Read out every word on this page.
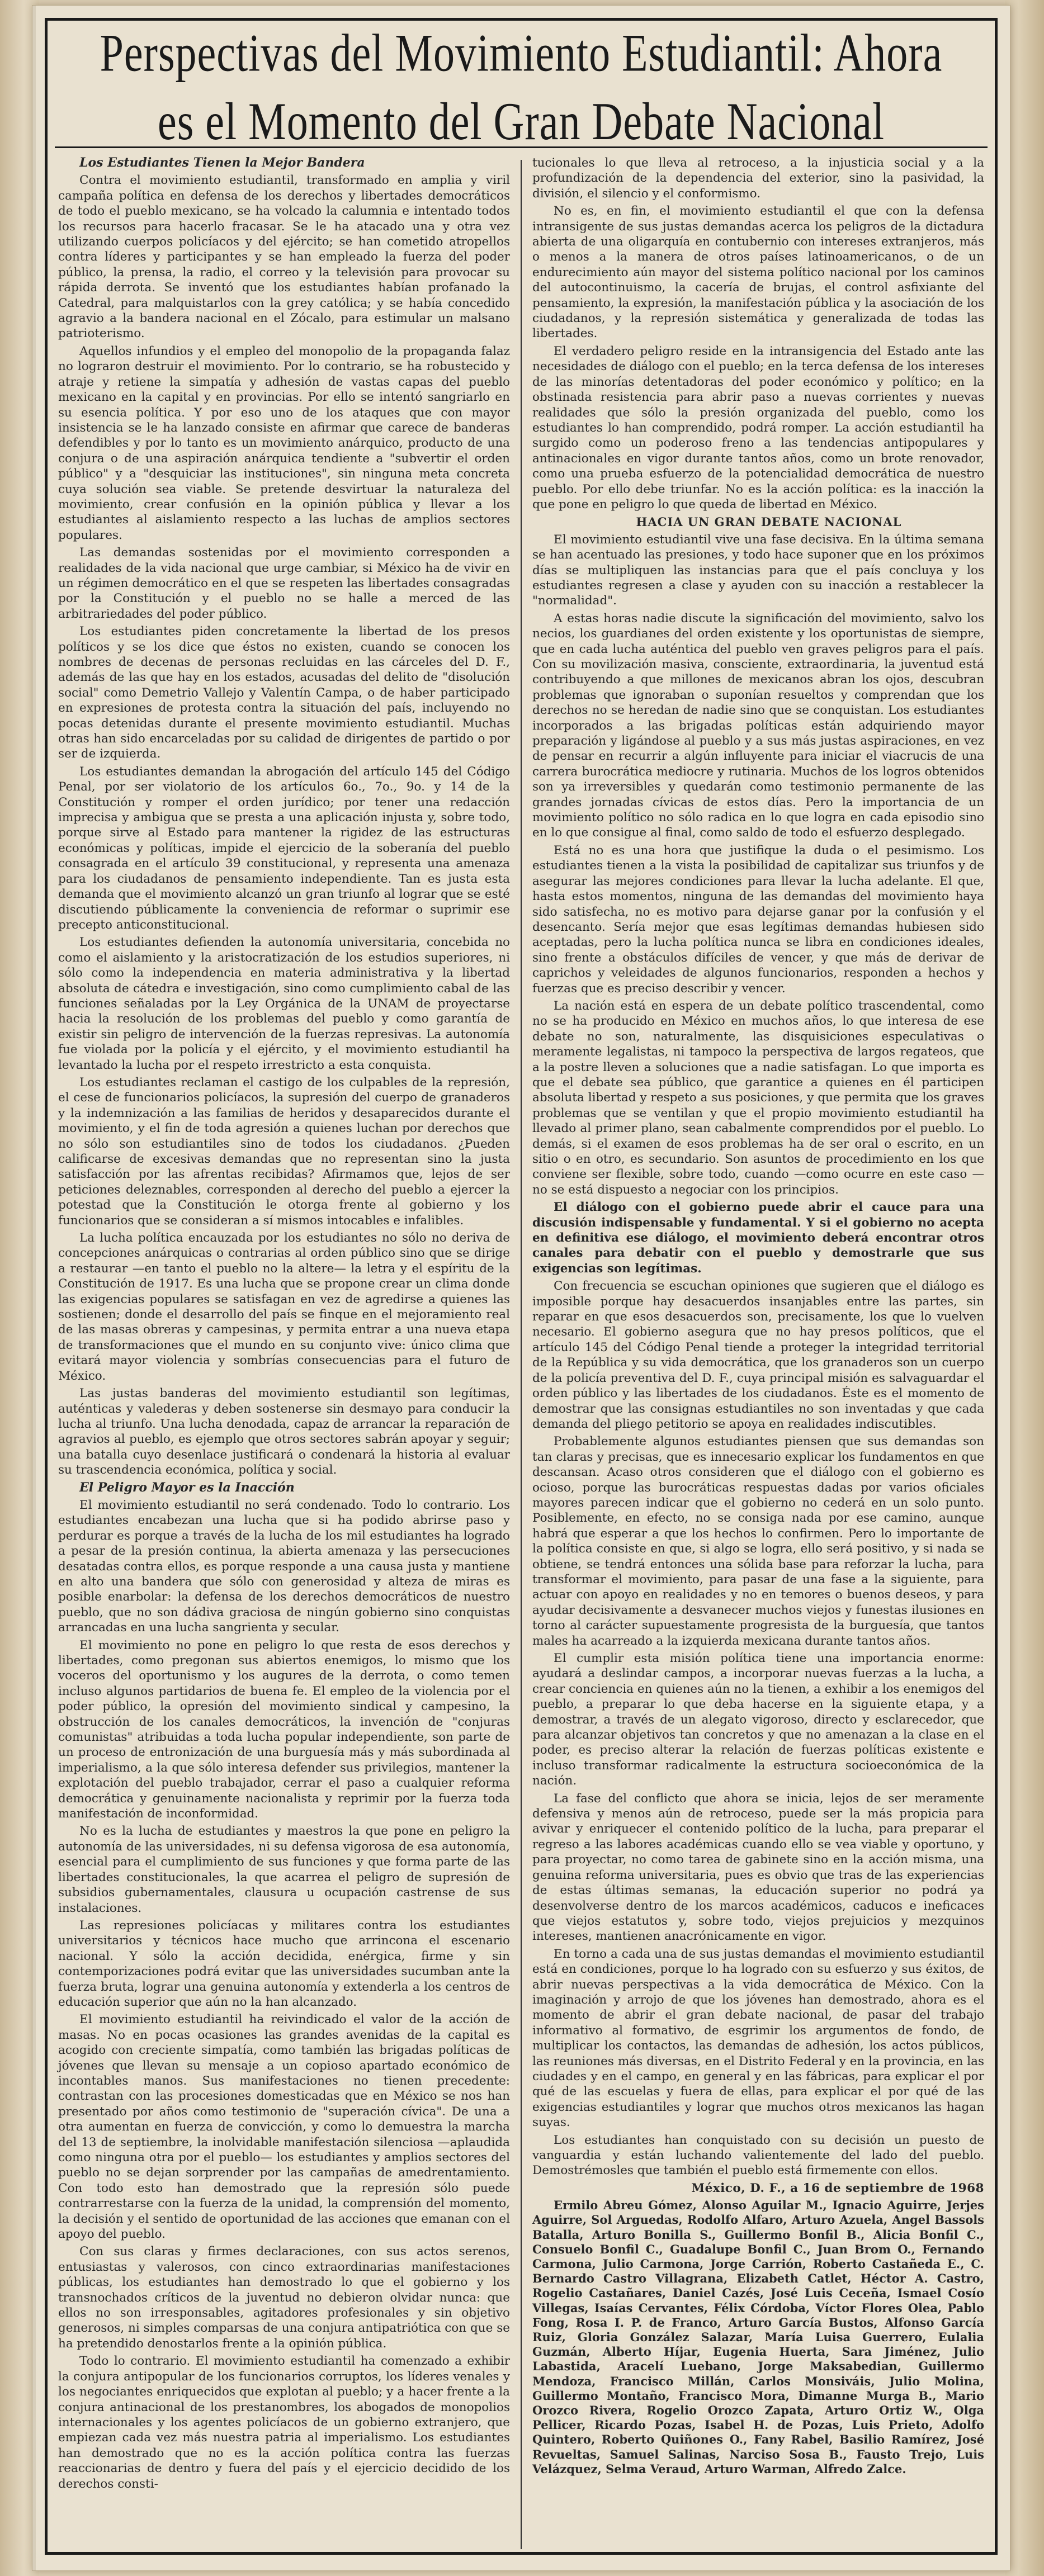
Perspectivas del Movimiento Estudiantil: Ahora
es el Momento del Gran Debate Nacional

Los Estudiantes Tienen la Mejor Bandera

Contra el movimiento estudiantil, transformado en amplia y viril campaña política en defensa de los derechos y libertades democráticos de todo el pueblo mexicano, se ha volcado la calumnia e intentado todos los recursos para hacerlo fracasar. Se le ha atacado una y otra vez utilizando cuerpos policíacos y del ejército; se han cometido atropellos contra líderes y participantes y se han empleado la fuerza del poder público, la prensa, la radio, el correo y la televisión para provocar su rápida derrota. Se inventó que los estudiantes habían profanado la Catedral, para malquistarlos con la grey católica; y se había concedido agravio a la bandera nacional en el Zócalo, para estimular un malsano patrioterismo.

Aquellos infundios y el empleo del monopolio de la propaganda falaz no lograron destruir el movimiento. Por lo contrario, se ha robustecido y atraje y retiene la simpatía y adhesión de vastas capas del pueblo mexicano en la capital y en provincias. Por ello se intentó sangriarlo en su esencia política. Y por eso uno de los ataques que con mayor insistencia se le ha lanzado consiste en afirmar que carece de banderas defendibles y por lo tanto es un movimiento anárquico, producto de una conjura o de una aspiración anárquica tendiente a "subvertir el orden público" y a "desquiciar las instituciones", sin ninguna meta concreta cuya solución sea viable. Se pretende desvirtuar la naturaleza del movimiento, crear confusión en la opinión pública y llevar a los estudiantes al aislamiento respecto a las luchas de amplios sectores populares.

Las demandas sostenidas por el movimiento corresponden a realidades de la vida nacional que urge cambiar, si México ha de vivir en un régimen democrático en el que se respeten las libertades consagradas por la Constitución y el pueblo no se halle a merced de las arbitrariedades del poder público.

Los estudiantes piden concretamente la libertad de los presos políticos y se los dice que éstos no existen, cuando se conocen los nombres de decenas de personas recluidas en las cárceles del D. F., además de las que hay en los estados, acusadas del delito de "disolución social" como Demetrio Vallejo y Valentín Campa, o de haber participado en expresiones de protesta contra la situación del país, incluyendo no pocas detenidas durante el presente movimiento estudiantil. Muchas otras han sido encarceladas por su calidad de dirigentes de partido o por ser de izquierda.

Los estudiantes demandan la abrogación del artículo 145 del Código Penal, por ser violatorio de los artículos 6o., 7o., 9o. y 14 de la Constitución y romper el orden jurídico; por tener una redacción imprecisa y ambigua que se presta a una aplicación injusta y, sobre todo, porque sirve al Estado para mantener la rigidez de las estructuras económicas y políticas, impide el ejercicio de la soberanía del pueblo consagrada en el artículo 39 constitucional, y representa una amenaza para los ciudadanos de pensamiento independiente. Tan es justa esta demanda que el movimiento alcanzó un gran triunfo al lograr que se esté discutiendo públicamente la conveniencia de reformar o suprimir ese precepto anticonstitucional.

Los estudiantes defienden la autonomía universitaria, concebida no como el aislamiento y la aristocratización de los estudios superiores, ni sólo como la independencia en materia administrativa y la libertad absoluta de cátedra e investigación, sino como cumplimiento cabal de las funciones señaladas por la Ley Orgánica de la UNAM de proyectarse hacia la resolución de los problemas del pueblo y como garantía de existir sin peligro de intervención de la fuerzas represivas. La autonomía fue violada por la policía y el ejército, y el movimiento estudiantil ha levantado la lucha por el respeto irrestricto a esta conquista.

Los estudiantes reclaman el castigo de los culpables de la represión, el cese de funcionarios policíacos, la supresión del cuerpo de granaderos y la indemnización a las familias de heridos y desaparecidos durante el movimiento, y el fin de toda agresión a quienes luchan por derechos que no sólo son estudiantiles sino de todos los ciudadanos. ¿Pueden calificarse de excesivas demandas que no representan sino la justa satisfacción por las afrentas recibidas? Afirmamos que, lejos de ser peticiones deleznables, corresponden al derecho del pueblo a ejercer la potestad que la Constitución le otorga frente al gobierno y los funcionarios que se consideran a sí mismos intocables e infalibles.

La lucha política encauzada por los estudiantes no sólo no deriva de concepciones anárquicas o contrarias al orden público sino que se dirige a restaurar —en tanto el pueblo no la altere— la letra y el espíritu de la Constitución de 1917. Es una lucha que se propone crear un clima donde las exigencias populares se satisfagan en vez de agredirse a quienes las sostienen; donde el desarrollo del país se finque en el mejoramiento real de las masas obreras y campesinas, y permita entrar a una nueva etapa de transformaciones que el mundo en su conjunto vive: único clima que evitará mayor violencia y sombrías consecuencias para el futuro de México.

Las justas banderas del movimiento estudiantil son legítimas, auténticas y valederas y deben sostenerse sin desmayo para conducir la lucha al triunfo. Una lucha denodada, capaz de arrancar la reparación de agravios al pueblo, es ejemplo que otros sectores sabrán apoyar y seguir; una batalla cuyo desenlace justificará o condenará la historia al evaluar su trascendencia económica, política y social.

El Peligro Mayor es la Inacción

El movimiento estudiantil no será condenado. Todo lo contrario. Los estudiantes encabezan una lucha que si ha podido abrirse paso y perdurar es porque a través de la lucha de los mil estudiantes ha logrado a pesar de la presión continua, la abierta amenaza y las persecuciones desatadas contra ellos, es porque responde a una causa justa y mantiene en alto una bandera que sólo con generosidad y alteza de miras es posible enarbolar: la defensa de los derechos democráticos de nuestro pueblo, que no son dádiva graciosa de ningún gobierno sino conquistas arrancadas en una lucha sangrienta y secular.

El movimiento no pone en peligro lo que resta de esos derechos y libertades, como pregonan sus abiertos enemigos, lo mismo que los voceros del oportunismo y los augures de la derrota, o como temen incluso algunos partidarios de buena fe. El empleo de la violencia por el poder público, la opresión del movimiento sindical y campesino, la obstrucción de los canales democráticos, la invención de "conjuras comunistas" atribuidas a toda lucha popular independiente, son parte de un proceso de entronización de una burguesía más y más subordinada al imperialismo, a la que sólo interesa defender sus privilegios, mantener la explotación del pueblo trabajador, cerrar el paso a cualquier reforma democrática y genuinamente nacionalista y reprimir por la fuerza toda manifestación de inconformidad.

No es la lucha de estudiantes y maestros la que pone en peligro la autonomía de las universidades, ni su defensa vigorosa de esa autonomía, esencial para el cumplimiento de sus funciones y que forma parte de las libertades constitucionales, la que acarrea el peligro de supresión de subsidios gubernamentales, clausura u ocupación castrense de sus instalaciones.

Las represiones policíacas y militares contra los estudiantes universitarios y técnicos hace mucho que arrincona el escenario nacional. Y sólo la acción decidida, enérgica, firme y sin contemporizaciones podrá evitar que las universidades sucumban ante la fuerza bruta, lograr una genuina autonomía y extenderla a los centros de educación superior que aún no la han alcanzado.

El movimiento estudiantil ha reivindicado el valor de la acción de masas. No en pocas ocasiones las grandes avenidas de la capital es acogido con creciente simpatía, como también las brigadas políticas de jóvenes que llevan su mensaje a un copioso apartado económico de incontables manos. Sus manifestaciones no tienen precedente: contrastan con las procesiones domesticadas que en México se nos han presentado por años como testimonio de "superación cívica". De una a otra aumentan en fuerza de convicción, y como lo demuestra la marcha del 13 de septiembre, la inolvidable manifestación silenciosa —aplaudida como ninguna otra por el pueblo— los estudiantes y amplios sectores del pueblo no se dejan sorprender por las campañas de amedrentamiento. Con todo esto han demostrado que la represión sólo puede contrarrestarse con la fuerza de la unidad, la comprensión del momento, la decisión y el sentido de oportunidad de las acciones que emanan con el apoyo del pueblo.

Con sus claras y firmes declaraciones, con sus actos serenos, entusiastas y valerosos, con cinco extraordinarias manifestaciones públicas, los estudiantes han demostrado lo que el gobierno y los transnochados críticos de la juventud no debieron olvidar nunca: que ellos no son irresponsables, agitadores profesionales y sin objetivo generosos, ni simples comparsas de una conjura antipatriótica con que se ha pretendido denostarlos frente a la opinión pública.

Todo lo contrario. El movimiento estudiantil ha comenzado a exhibir la conjura antipopular de los funcionarios corruptos, los líderes venales y los negociantes enriquecidos que explotan al pueblo; y a hacer frente a la conjura antinacional de los prestanombres, los abogados de monopolios internacionales y los agentes policíacos de un gobierno extranjero, que empiezan cada vez más nuestra patria al imperialismo. Los estudiantes han demostrado que no es la acción política contra las fuerzas reaccionarias de dentro y fuera del país y el ejercicio decidido de los derechos consti-

tucionales lo que lleva al retroceso, a la injusticia social y a la profundización de la dependencia del exterior, sino la pasividad, la división, el silencio y el conformismo.

No es, en fin, el movimiento estudiantil el que con la defensa intransigente de sus justas demandas acerca los peligros de la dictadura abierta de una oligarquía en contubernio con intereses extranjeros, más o menos a la manera de otros países latinoamericanos, o de un endurecimiento aún mayor del sistema político nacional por los caminos del autocontinuismo, la cacería de brujas, el control asfixiante del pensamiento, la expresión, la manifestación pública y la asociación de los ciudadanos, y la represión sistemática y generalizada de todas las libertades.

El verdadero peligro reside en la intransigencia del Estado ante las necesidades de diálogo con el pueblo; en la terca defensa de los intereses de las minorías detentadoras del poder económico y político; en la obstinada resistencia para abrir paso a nuevas corrientes y nuevas realidades que sólo la presión organizada del pueblo, como los estudiantes lo han comprendido, podrá romper. La acción estudiantil ha surgido como un poderoso freno a las tendencias antipopulares y antinacionales en vigor durante tantos años, como un brote renovador, como una prueba esfuerzo de la potencialidad democrática de nuestro pueblo. Por ello debe triunfar. No es la acción política: es la inacción la que pone en peligro lo que queda de libertad en México.

HACIA UN GRAN DEBATE NACIONAL

El movimiento estudiantil vive una fase decisiva. En la última semana se han acentuado las presiones, y todo hace suponer que en los próximos días se multipliquen las instancias para que el país concluya y los estudiantes regresen a clase y ayuden con su inacción a restablecer la "normalidad".

A estas horas nadie discute la significación del movimiento, salvo los necios, los guardianes del orden existente y los oportunistas de siempre, que en cada lucha auténtica del pueblo ven graves peligros para el país. Con su movilización masiva, consciente, extraordinaria, la juventud está contribuyendo a que millones de mexicanos abran los ojos, descubran problemas que ignoraban o suponían resueltos y comprendan que los derechos no se heredan de nadie sino que se conquistan. Los estudiantes incorporados a las brigadas políticas están adquiriendo mayor preparación y ligándose al pueblo y a sus más justas aspiraciones, en vez de pensar en recurrir a algún influyente para iniciar el viacrucis de una carrera burocrática mediocre y rutinaria. Muchos de los logros obtenidos son ya irreversibles y quedarán como testimonio permanente de las grandes jornadas cívicas de estos días. Pero la importancia de un movimiento político no sólo radica en lo que logra en cada episodio sino en lo que consigue al final, como saldo de todo el esfuerzo desplegado.

Está no es una hora que justifique la duda o el pesimismo. Los estudiantes tienen a la vista la posibilidad de capitalizar sus triunfos y de asegurar las mejores condiciones para llevar la lucha adelante. El que, hasta estos momentos, ninguna de las demandas del movimiento haya sido satisfecha, no es motivo para dejarse ganar por la confusión y el desencanto. Sería mejor que esas legítimas demandas hubiesen sido aceptadas, pero la lucha política nunca se libra en condiciones ideales, sino frente a obstáculos difíciles de vencer, y que más de derivar de caprichos y veleidades de algunos funcionarios, responden a hechos y fuerzas que es preciso describir y vencer.

La nación está en espera de un debate político trascendental, como no se ha producido en México en muchos años, lo que interesa de ese debate no son, naturalmente, las disquisiciones especulativas o meramente legalistas, ni tampoco la perspectiva de largos regateos, que a la postre lleven a soluciones que a nadie satisfagan. Lo que importa es que el debate sea público, que garantice a quienes en él participen absoluta libertad y respeto a sus posiciones, y que permita que los graves problemas que se ventilan y que el propio movimiento estudiantil ha llevado al primer plano, sean cabalmente comprendidos por el pueblo. Lo demás, si el examen de esos problemas ha de ser oral o escrito, en un sitio o en otro, es secundario. Son asuntos de procedimiento en los que conviene ser flexible, sobre todo, cuando —como ocurre en este caso —no se está dispuesto a negociar con los principios.

El diálogo con el gobierno puede abrir el cauce para una discusión indispensable y fundamental. Y si el gobierno no acepta en definitiva ese diálogo, el movimiento deberá encontrar otros canales para debatir con el pueblo y demostrarle que sus exigencias son legítimas.

Con frecuencia se escuchan opiniones que sugieren que el diálogo es imposible porque hay desacuerdos insanjables entre las partes, sin reparar en que esos desacuerdos son, precisamente, los que lo vuelven necesario. El gobierno asegura que no hay presos políticos, que el artículo 145 del Código Penal tiende a proteger la integridad territorial de la República y su vida democrática, que los granaderos son un cuerpo de la policía preventiva del D. F., cuya principal misión es salvaguardar el orden público y las libertades de los ciudadanos. Éste es el momento de demostrar que las consignas estudiantiles no son inventadas y que cada demanda del pliego petitorio se apoya en realidades indiscutibles.

Probablemente algunos estudiantes piensen que sus demandas son tan claras y precisas, que es innecesario explicar los fundamentos en que descansan. Acaso otros consideren que el diálogo con el gobierno es ocioso, porque las burocráticas respuestas dadas por varios oficiales mayores parecen indicar que el gobierno no cederá en un solo punto. Posiblemente, en efecto, no se consiga nada por ese camino, aunque habrá que esperar a que los hechos lo confirmen. Pero lo importante de la política consiste en que, si algo se logra, ello será positivo, y si nada se obtiene, se tendrá entonces una sólida base para reforzar la lucha, para transformar el movimiento, para pasar de una fase a la siguiente, para actuar con apoyo en realidades y no en temores o buenos deseos, y para ayudar decisivamente a desvanecer muchos viejos y funestas ilusiones en torno al carácter supuestamente progresista de la burguesía, que tantos males ha acarreado a la izquierda mexicana durante tantos años.

El cumplir esta misión política tiene una importancia enorme: ayudará a deslindar campos, a incorporar nuevas fuerzas a la lucha, a crear conciencia en quienes aún no la tienen, a exhibir a los enemigos del pueblo, a preparar lo que deba hacerse en la siguiente etapa, y a demostrar, a través de un alegato vigoroso, directo y esclarecedor, que para alcanzar objetivos tan concretos y que no amenazan a la clase en el poder, es preciso alterar la relación de fuerzas políticas existente e incluso transformar radicalmente la estructura socioeconómica de la nación.

La fase del conflicto que ahora se inicia, lejos de ser meramente defensiva y menos aún de retroceso, puede ser la más propicia para avivar y enriquecer el contenido político de la lucha, para preparar el regreso a las labores académicas cuando ello se vea viable y oportuno, y para proyectar, no como tarea de gabinete sino en la acción misma, una genuina reforma universitaria, pues es obvio que tras de las experiencias de estas últimas semanas, la educación superior no podrá ya desenvolverse dentro de los marcos académicos, caducos e ineficaces que viejos estatutos y, sobre todo, viejos prejuicios y mezquinos intereses, mantienen anacrónicamente en vigor.

En torno a cada una de sus justas demandas el movimiento estudiantil está en condiciones, porque lo ha logrado con su esfuerzo y sus éxitos, de abrir nuevas perspectivas a la vida democrática de México. Con la imaginación y arrojo de que los jóvenes han demostrado, ahora es el momento de abrir el gran debate nacional, de pasar del trabajo informativo al formativo, de esgrimir los argumentos de fondo, de multiplicar los contactos, las demandas de adhesión, los actos públicos, las reuniones más diversas, en el Distrito Federal y en la provincia, en las ciudades y en el campo, en general y en las fábricas, para explicar el por qué de las escuelas y fuera de ellas, para explicar el por qué de las exigencias estudiantiles y lograr que muchos otros mexicanos las hagan suyas.

Los estudiantes han conquistado con su decisión un puesto de vanguardia y están luchando valientemente del lado del pueblo. Demostrémosles que también el pueblo está firmemente con ellos.

México, D. F., a 16 de septiembre de 1968

Ermilo Abreu Gómez, Alonso Aguilar M., Ignacio Aguirre, Jerjes Aguirre, Sol Arguedas, Rodolfo Alfaro, Arturo Azuela, Angel Bassols Batalla, Arturo Bonilla S., Guillermo Bonfil B., Alicia Bonfil C., Consuelo Bonfil C., Guadalupe Bonfil C., Juan Brom O., Fernando Carmona, Julio Carmona, Jorge Carrión, Roberto Castañeda E., C. Bernardo Castro Villagrana, Elizabeth Catlet, Héctor A. Castro, Rogelio Castañares, Daniel Cazés, José Luis Ceceña, Ismael Cosío Villegas, Isaías Cervantes, Félix Córdoba, Víctor Flores Olea, Pablo Fong, Rosa I. P. de Franco, Arturo García Bustos, Alfonso García Ruiz, Gloria González Salazar, María Luisa Guerrero, Eulalia Guzmán, Alberto Híjar, Eugenia Huerta, Sara Jiménez, Julio Labastida, Aracelí Luebano, Jorge Maksabedian, Guillermo Mendoza, Francisco Millán, Carlos Monsiváis, Julio Molina, Guillermo Montaño, Francisco Mora, Dimanne Murga B., Mario Orozco Rivera, Rogelio Orozco Zapata, Arturo Ortiz W., Olga Pellicer, Ricardo Pozas, Isabel H. de Pozas, Luis Prieto, Adolfo Quintero, Roberto Quiñones O., Fany Rabel, Basilio Ramírez, José Revueltas, Samuel Salinas, Narciso Sosa B., Fausto Trejo, Luis Velázquez, Selma Veraud, Arturo Warman, Alfredo Zalce.
